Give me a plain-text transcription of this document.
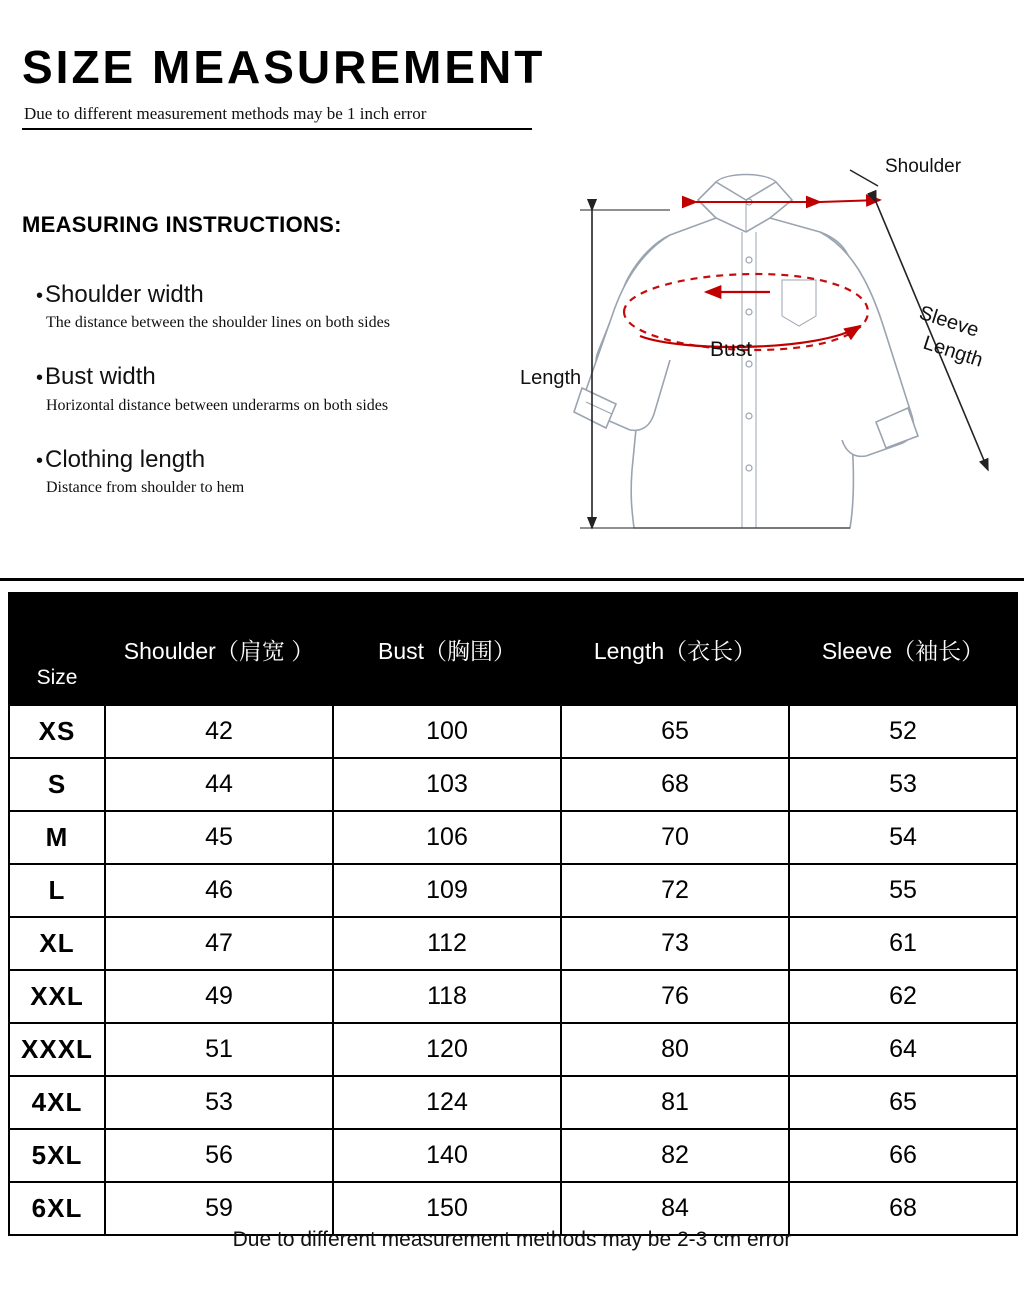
SIZE MEASUREMENT
Due to different measurement methods may be 1 inch error
MEASURING INSTRUCTIONS:
•Shoulder width
The distance between the shoulder lines on both sides
•Bust width
Horizontal distance between underarms on both sides
•Clothing length
Distance from shoulder to hem
Shoulder
Bust
Length
Sleeve
Length
Size	Shoulder（肩宽 ）	Bust（胸围）	Length（衣长）	Sleeve（袖长）
XS	42	100	65	52
S	44	103	68	53
M	45	106	70	54
L	46	109	72	55
XL	47	112	73	61
XXL	49	118	76	62
XXXL	51	120	80	64
4XL	53	124	81	65
5XL	56	140	82	66
6XL	59	150	84	68
Due to different measurement methods may be 2-3 cm error
